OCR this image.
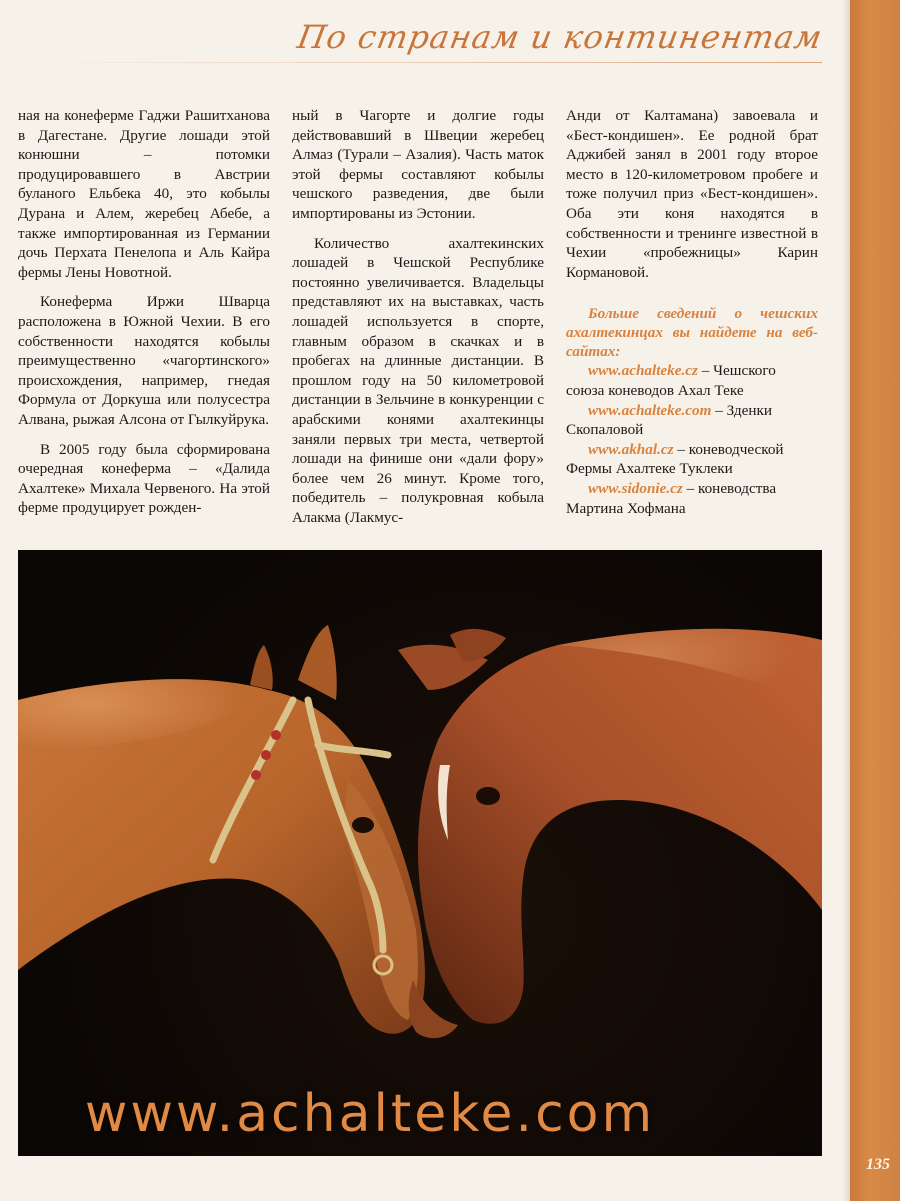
135
По странам и континентам

ная на конеферме Гаджи Рашитханова в Дагестане. Другие лошади этой конюшни – потомки продуцировавшего в Австрии буланого Ельбека 40, это кобылы Дурана и Алем, жеребец Абебе, а также импортированная из Германии дочь Перхата Пенелопа и Аль Кайра фермы Лены Новотной.

Конеферма Иржи Шварца расположена в Южной Чехии. В его собственности находятся кобылы преимущественно «чагортинского» происхождения, например, гнедая Формула от Доркуша или полусестра Алвана, рыжая Алсона от Гылкуйрука.

В 2005 году была сформирована очередная конеферма – «Далида Ахалтеке» Михала Червеного. На этой ферме продуцирует рожден-

ный в Чагорте и долгие годы действовавший в Швеции жеребец Алмаз (Турали – Азалия). Часть маток этой фермы составляют кобылы чешского разведения, две были импортированы из Эстонии.

Количество ахалтекинских лошадей в Чешской Республике постоянно увеличивается. Владельцы представляют их на выставках, часть лошадей используется в спорте, главным образом в скачках и в пробегах на длинные дистанции. В прошлом году на 50 километровой дистанции в Зельчине в конкуренции с арабскими конями ахалтекинцы заняли первых три места, четвертой лошади на финише они «дали фору» более чем 26 минут. Кроме того, победитель – полукровная кобыла Алакма (Лакмус-

Анди от Калтамана) завоевала и «Бест-кондишен». Ее родной брат Аджибей занял в 2001 году второе место в 120-километровом пробеге и тоже получил приз «Бест-кондишен». Оба эти коня находятся в собственности и тренинге известной в Чехии «пробежницы» Карин Кормановой.

Больше сведений о чешских ахалтекинцах вы найдете на веб-сайтах:

www.achalteke.cz – Чешского союза коневодов Ахал Теке

www.achalteke.com – Зденки Скопаловой

www.akhal.cz – коневодческой Фермы Ахалтеке Туклеки

www.sidonie.cz – коневодства Мартина Хофмана

www.achalteke.com
